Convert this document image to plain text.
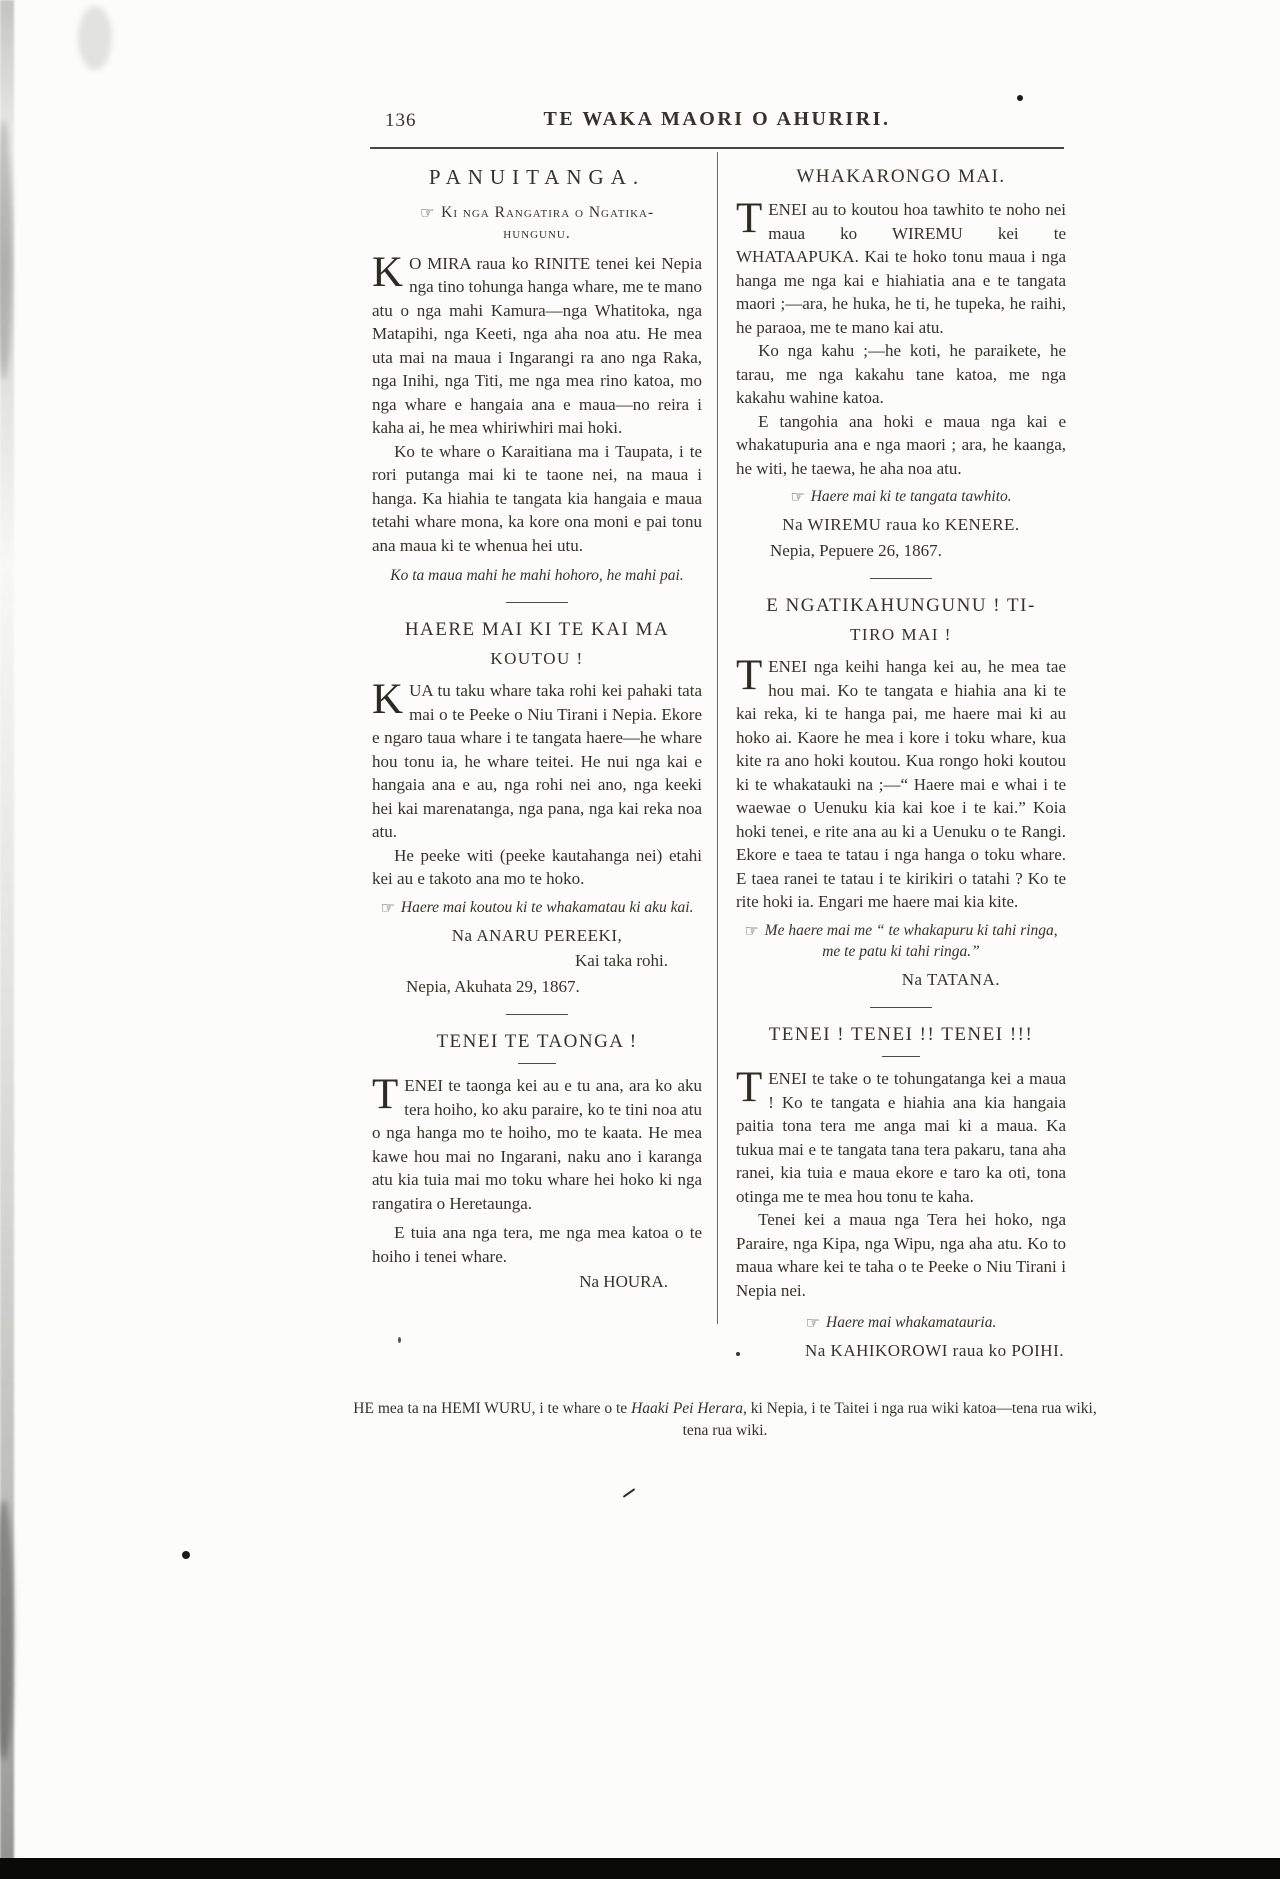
136	TE WAKA MAORI O AHURIRI.
PANUITANGA.
☞ Ki nga Rangatira o Ngatika-
hungunu.

K O MIRA raua ko RINITE tenei kei Nepia nga tino tohunga hanga whare, me te mano atu o nga mahi Kamura—nga Whatitoka, nga Matapihi, nga Keeti, nga aha noa atu. He mea uta mai na maua i Ingarangi ra ano nga Raka, nga Inihi, nga Titi, me nga mea rino katoa, mo nga whare e hangaia ana e maua—no reira i kaha ai, he mea whiriwhiri mai hoki.

Ko te whare o Karaitiana ma i Taupata, i te rori putanga mai ki te taone nei, na maua i hanga. Ka hiahia te tangata kia hangaia e maua tetahi whare mona, ka kore ona moni e pai tonu ana maua ki te whenua hei utu.

Ko ta maua mahi he mahi hohoro, he mahi pai.

HAERE MAI KI TE KAI MA
KOUTOU !

KUA tu taku whare taka rohi kei pahaki tata mai o te Peeke o Niu Tirani i Nepia. Ekore e ngaro taua whare i te tangata haere—he whare hou tonu ia, he whare teitei. He nui nga kai e hangaia ana e au, nga rohi nei ano, nga keeki hei kai marenatanga, nga pana, nga kai reka noa atu.

He peeke witi (peeke kautahanga nei) etahi kei au e takoto ana mo te hoko.

☞ Haere mai koutou ki te whakamatau ki aku kai.

Na ANARU PEREEKI,
Kai taka rohi.
Nepia, Akuhata 29, 1867.
TENEI TE TAONGA !

TENEI te taonga kei au e tu ana, ara ko aku tera hoiho, ko aku paraire, ko te tini noa atu o nga hanga mo te hoiho, mo te kaata. He mea kawe hou mai no Ingarani, naku ano i karanga atu kia tuia mai mo toku whare hei hoko ki nga rangatira o Heretaunga.

E tuia ana nga tera, me nga mea katoa o te hoiho i tenei whare.

Na HOURA.
WHAKARONGO MAI.

TENEI au to koutou hoa tawhito te noho nei maua ko WIREMU kei te WHATAAPUKA. Kai te hoko tonu maua i nga hanga me nga kai e hiahiatia ana e te tangata maori ;—ara, he huka, he ti, he tupeka, he raihi, he paraoa, me te mano kai atu.

Ko nga kahu ;—he koti, he paraikete, he tarau, me nga kakahu tane katoa, me nga kakahu wahine katoa.

E tangohia ana hoki e maua nga kai e whakatupuria ana e nga maori ; ara, he kaanga, he witi, he taewa, he aha noa atu.

☞ Haere mai ki te tangata tawhito.

Na WIREMU raua ko KENERE.
Nepia, Pepuere 26, 1867.
E NGATIKAHUNGUNU ! TI-
TIRO MAI !

TENEI nga keihi hanga kei au, he mea tae hou mai. Ko te tangata e hiahia ana ki te kai reka, ki te hanga pai, me haere mai ki au hoko ai. Kaore he mea i kore i toku whare, kua kite ra ano hoki koutou. Kua rongo hoki koutou ki te whakatauki na ;—“ Haere mai e whai i te waewae o Uenuku kia kai koe i te kai.” Koia hoki tenei, e rite ana au ki a Uenuku o te Rangi. Ekore e taea te tatau i nga hanga o toku whare. E taea ranei te tatau i te kirikiri o tatahi ? Ko te rite hoki ia. Engari me haere mai kia kite.

☞ Me haere mai me “ te whakapuru ki tahi ringa, me te patu ki tahi ringa.”

Na TATANA.
TENEI ! TENEI !! TENEI !!!

TENEI te take o te tohungatanga kei a maua ! Ko te tangata e hiahia ana kia hangaia paitia tona tera me anga mai ki a maua. Ka tukua mai e te tangata tana tera pakaru, tana aha ranei, kia tuia e maua ekore e taro ka oti, tona otinga me te mea hou tonu te kaha.

Tenei kei a maua nga Tera hei hoko, nga Paraire, nga Kipa, nga Wipu, nga aha atu. Ko to maua whare kei te taha o te Peeke o Niu Tirani i Nepia nei.

☞ Haere mai whakamatauria.

Na KAHIKOROWI raua ko POIHI.
HE mea ta na HEMI WURU, i te whare o te Haaki Pei Herara, ki Nepia, i te Taitei i nga rua wiki katoa—tena rua wiki, tena rua wiki.
